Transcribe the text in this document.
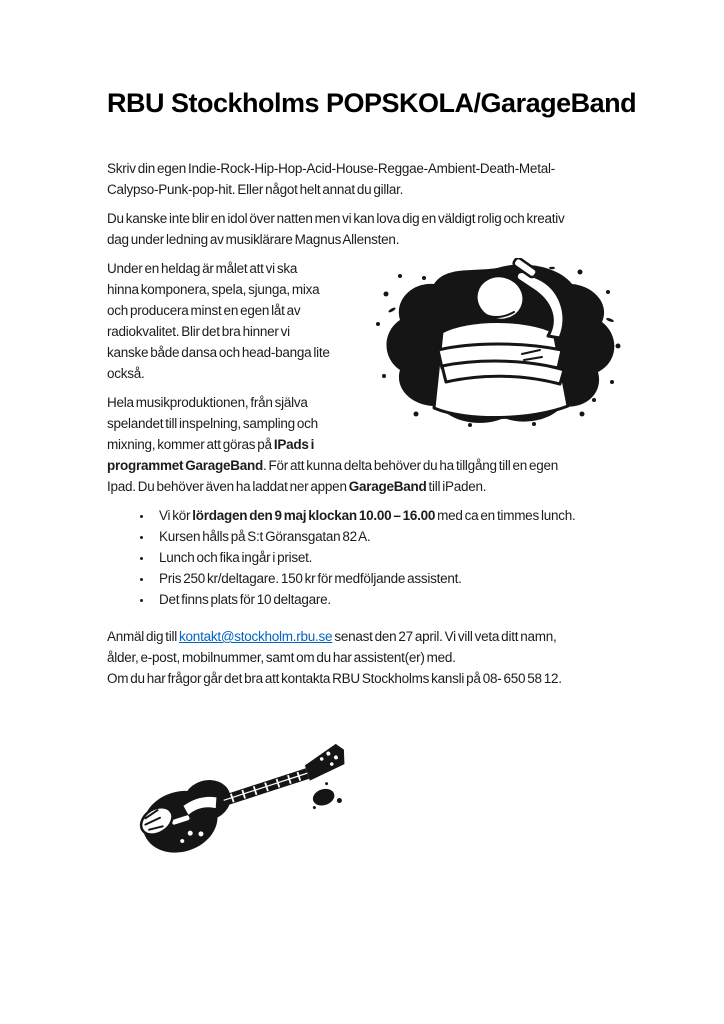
RBU Stockholms POPSKOLA/GarageBand

Skriv din egen Indie-Rock-Hip-Hop-Acid-House-Reggae-Ambient-Death-Metal-
Calypso-Punk-pop-hit. Eller något helt annat du gillar.

Du kanske inte blir en idol över natten men vi kan lova dig en väldigt rolig och kreativ
dag under ledning av musiklärare Magnus Allensten.

Under en heldag är målet att vi ska
hinna komponera, spela, sjunga, mixa
och producera minst en egen låt av
radiokvalitet. Blir det bra hinner vi
kanske både dansa och head-banga lite
också.

Hela musikproduktionen, från själva
spelandet till inspelning, sampling och
mixning, kommer att göras på IPads i
programmet GarageBand. För att kunna delta behöver du ha tillgång till en egen
Ipad. Du behöver även ha laddat ner appen GarageBand till iPaden.

• Vi kör lördagen den 9 maj klockan 10.00 – 16.00 med ca en timmes lunch.
• Kursen hålls på S:t Göransgatan 82 A.
• Lunch och fika ingår i priset.
• Pris 250 kr/deltagare. 150 kr för medföljande assistent.
• Det finns plats för 10 deltagare.

Anmäl dig till kontakt@stockholm.rbu.se senast den 27 april. Vi vill veta ditt namn,
ålder, e-post, mobilnummer, samt om du har assistent(er) med.

Om du har frågor går det bra att kontakta RBU Stockholms kansli på 08- 650 58 12.
